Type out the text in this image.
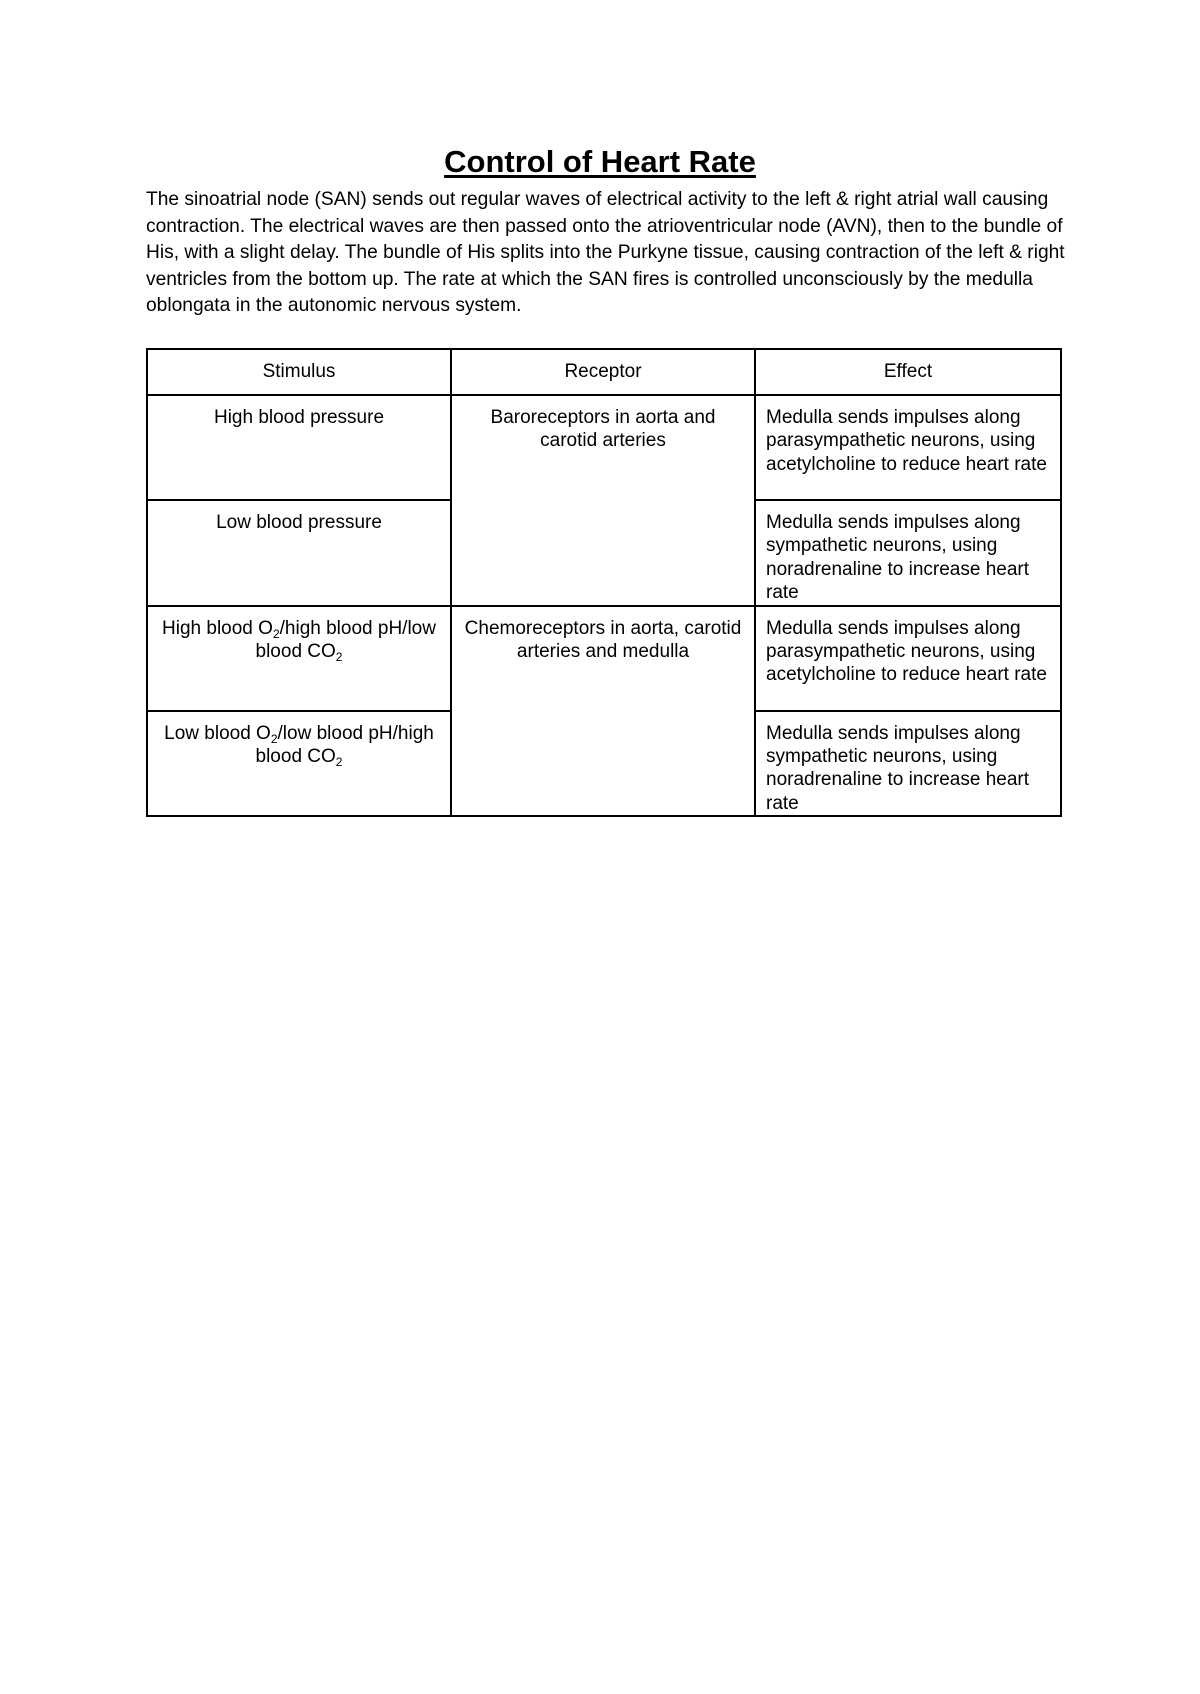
Control of Heart Rate

The sinoatrial node (SAN) sends out regular waves of electrical activity to the left & right atrial wall causing contraction. The electrical waves are then passed onto the atrioventricular node (AVN), then to the bundle of His, with a slight delay. The bundle of His splits into the Purkyne tissue, causing contraction of the left & right ventricles from the bottom up. The rate at which the SAN fires is controlled unconsciously by the medulla oblongata in the autonomic nervous system.

Stimulus	Receptor	Effect
High blood pressure	Baroreceptors in aorta and carotid arteries	Medulla sends impulses along parasympathetic neurons, using acetylcholine to reduce heart rate
Low blood pressure		Medulla sends impulses along sympathetic neurons, using noradrenaline to increase heart rate
High blood $O_2$/high blood pH/low blood $CO_2$	Chemoreceptors in aorta, carotid arteries and medulla	Medulla sends impulses along parasympathetic neurons, using acetylcholine to reduce heart rate
Low blood $O_2$/low blood pH/high blood $CO_2$		Medulla sends impulses along sympathetic neurons, using noradrenaline to increase heart rate
